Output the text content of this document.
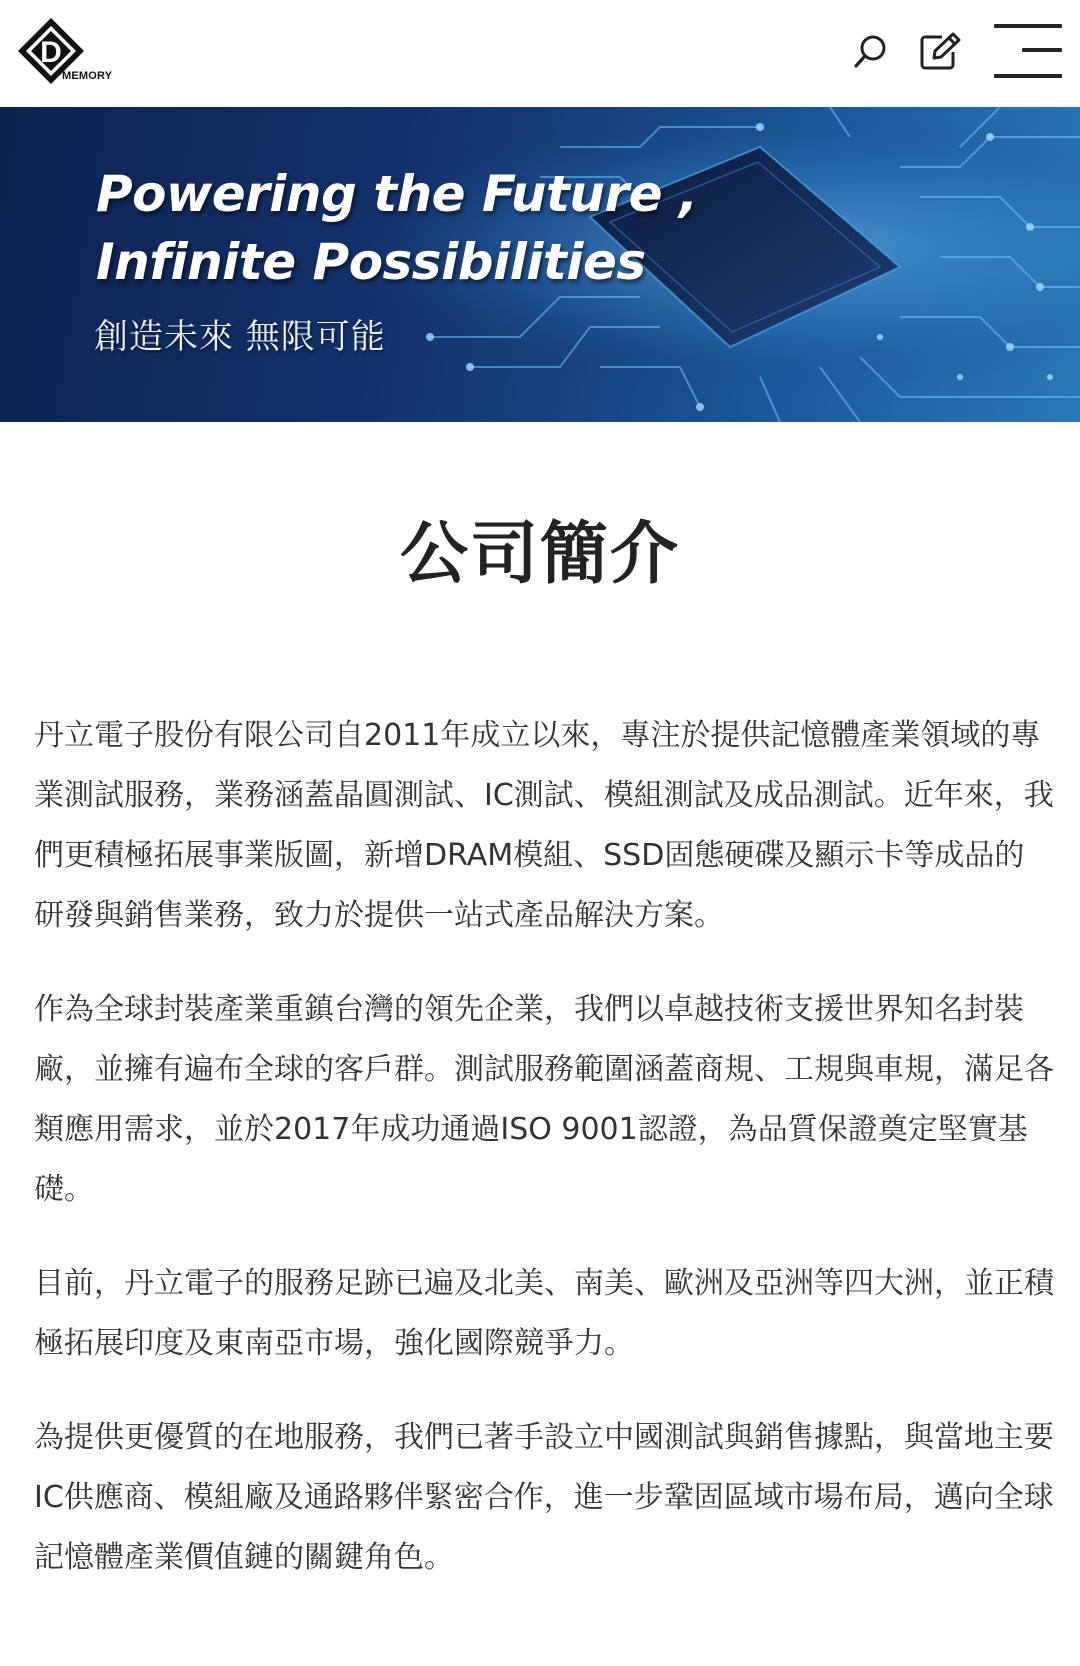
D
MEMORY
Powering the Future ,
Infinite Possibilities
創造未來 無限可能
公司簡介

丹立電子股份有限公司自2011年成立以來，專注於提供記憶體產業領域的專業測試服務，業務涵蓋晶圓測試、IC測試、模組測試及成品測試。近年來，我們更積極拓展事業版圖，新增DRAM模組、SSD固態硬碟及顯示卡等成品的研發與銷售業務，致力於提供一站式產品解決方案。

作為全球封裝產業重鎮台灣的領先企業，我們以卓越技術支援世界知名封裝廠，並擁有遍布全球的客戶群。測試服務範圍涵蓋商規、工規與車規，滿足各類應用需求，並於2017年成功通過ISO 9001認證，為品質保證奠定堅實基礎。

目前，丹立電子的服務足跡已遍及北美、南美、歐洲及亞洲等四大洲，並正積極拓展印度及東南亞市場，強化國際競爭力。

為提供更優質的在地服務，我們已著手設立中國測試與銷售據點，與當地主要IC供應商、模組廠及通路夥伴緊密合作，進一步鞏固區域市場布局，邁向全球記憶體產業價值鏈的關鍵角色。
